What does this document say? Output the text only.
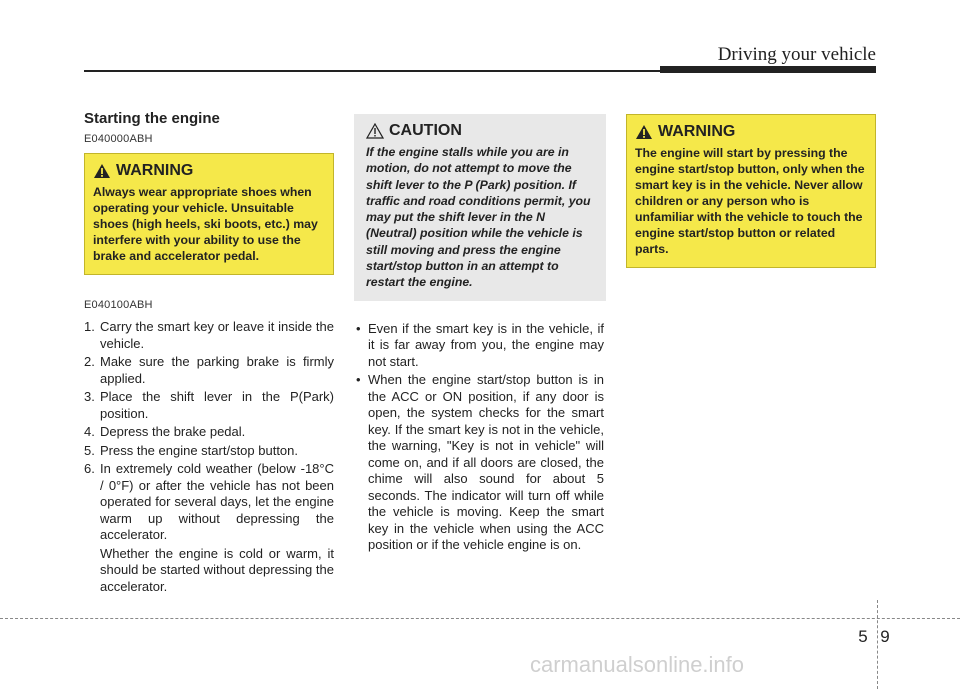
Driving your vehicle
Starting the engine
E040000ABH
WARNING
Always wear appropriate shoes when operating your vehicle. Unsuitable shoes (high heels, ski boots, etc.) may interfere with your ability to use the brake and accelerator pedal.
E040100ABH
1. Carry the smart key or leave it inside the vehicle.
2. Make sure the parking brake is firmly applied.
3. Place the shift lever in the P(Park) position.
4. Depress the brake pedal.
5. Press the engine start/stop button.
6. In extremely cold weather (below -18°C / 0°F) or after the vehicle has not been operated for several days, let the engine warm up without depressing the accelerator.
Whether the engine is cold or warm, it should be started without depressing the accelerator.
CAUTION
If the engine stalls while you are in motion, do not attempt to move the shift lever to the P (Park) position. If traffic and road conditions permit, you may put the shift lever in the N (Neutral) position while the vehicle is still moving and press the engine start/stop button in an attempt to restart the engine.
• Even if the smart key is in the vehicle, if it is far away from you, the engine may not start.
• When the engine start/stop button is in the ACC or ON position, if any door is open, the system checks for the smart key. If the smart key is not in the vehicle, the warning, "Key is not in vehicle" will come on, and if all doors are closed, the chime will also sound for about 5 seconds. The indicator will turn off while the vehicle is moving. Keep the smart key in the vehicle when using the ACC position or if the vehicle engine is on.
WARNING
The engine will start by pressing the engine start/stop button, only when the smart key is in the vehicle. Never allow children or any person who is unfamiliar with the vehicle to touch the engine start/stop button or related parts.
5 9
carmanualsonline.info
